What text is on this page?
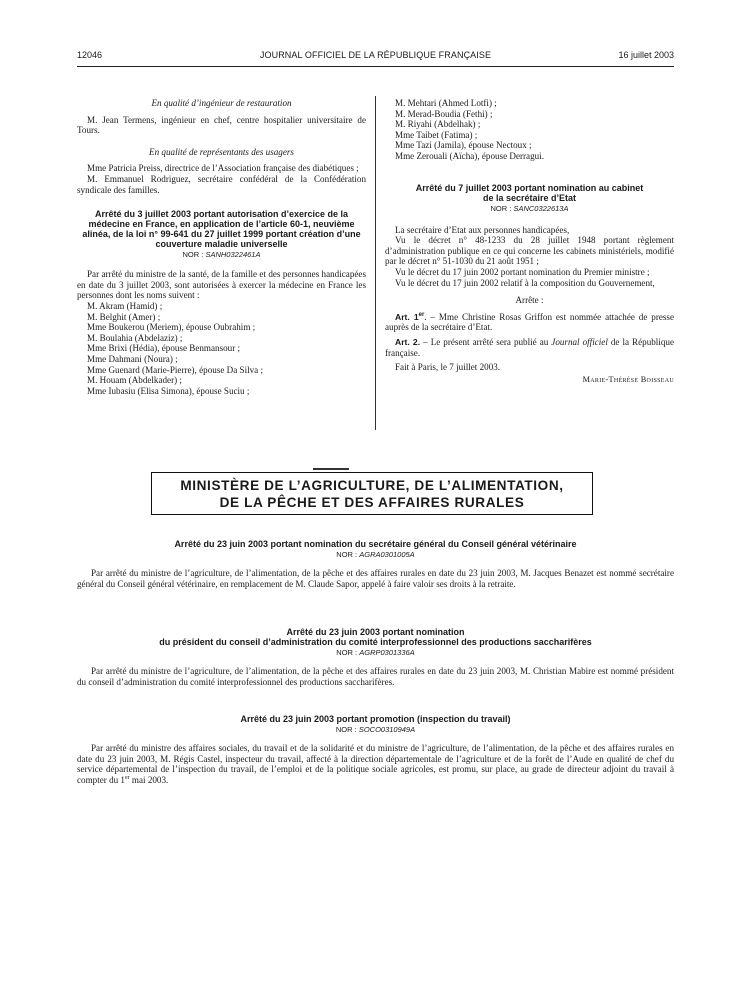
12046	JOURNAL OFFICIEL DE LA RÉPUBLIQUE FRANÇAISE	16 juillet 2003

En qualité d’ingénieur de restauration

M. Jean Termens, ingénieur en chef, centre hospitalier universitaire de Tours.

En qualité de représentants des usagers

Mme Patricia Preiss, directrice de l’Association française des diabétiques ;

M. Emmanuel Rodriguez, secrétaire confédéral de la Confédération syndicale des familles.

Arrêté du 3 juillet 2003 portant autorisation d’exercice de la médecine en France, en application de l’article 60-1, neuvième alinéa, de la loi n° 99-641 du 27 juillet 1999 portant création d’une couverture maladie universelle

NOR : SANH0322461A

Par arrêté du ministre de la santé, de la famille et des personnes handicapées en date du 3 juillet 2003, sont autorisées à exercer la médecine en France les personnes dont les noms suivent :

M. Akram (Hamid) ;
M. Belghit (Amer) ;
Mme Boukerou (Meriem), épouse Oubrahim ;
M. Boulahia (Abdelaziz) ;
Mme Brixi (Hédia), épouse Benmansour ;
Mme Dahmani (Noura) ;
Mme Guenard (Marie-Pierre), épouse Da Silva ;
M. Houam (Abdelkader) ;
Mme Iubasiu (Elisa Simona), épouse Suciu ;
M. Mehtari (Ahmed Lotfi) ;
M. Merad-Boudia (Fethi) ;
M. Riyahi (Abdelhak) ;
Mme Taibet (Fatima) ;
Mme Tazi (Jamila), épouse Nectoux ;
Mme Zerouali (Aïcha), épouse Derragui.

Arrêté du 7 juillet 2003 portant nomination au cabinet de la secrétaire d’Etat

NOR : SANC0322613A

La secrétaire d’Etat aux personnes handicapées,

Vu le décret n° 48-1233 du 28 juillet 1948 portant règlement d’administration publique en ce qui concerne les cabinets ministériels, modifié par le décret n° 51-1030 du 21 août 1951 ;

Vu le décret du 17 juin 2002 portant nomination du Premier ministre ;

Vu le décret du 17 juin 2002 relatif à la composition du Gouvernement,

Arrête :

Art. 1er. – Mme Christine Rosas Griffon est nommée attachée de presse auprès de la secrétaire d’Etat.

Art. 2. – Le présent arrêté sera publié au Journal officiel de la République française.

Fait à Paris, le 7 juillet 2003.

Marie-Thérèse Boisseau

MINISTÈRE DE L’AGRICULTURE, DE L’ALIMENTATION,
DE LA PÊCHE ET DES AFFAIRES RURALES

Arrêté du 23 juin 2003 portant nomination du secrétaire général du Conseil général vétérinaire

NOR : AGRA0301005A

Par arrêté du ministre de l’agriculture, de l’alimentation, de la pêche et des affaires rurales en date du 23 juin 2003, M. Jacques Benazet est nommé secrétaire général du Conseil général vétérinaire, en remplacement de M. Claude Sapor, appelé à faire valoir ses droits à la retraite.

Arrêté du 23 juin 2003 portant nomination

du président du conseil d’administration du comité interprofessionnel des productions saccharifères

NOR : AGRP0301336A

Par arrêté du ministre de l’agriculture, de l’alimentation, de la pêche et des affaires rurales en date du 23 juin 2003, M. Christian Mabire est nommé président du conseil d’administration du comité interprofessionnel des productions saccharifères.

Arrêté du 23 juin 2003 portant promotion (inspection du travail)

NOR : SOCO0310949A

Par arrêté du ministre des affaires sociales, du travail et de la solidarité et du ministre de l’agriculture, de l’alimentation, de la pêche et des affaires rurales en date du 23 juin 2003, M. Régis Castel, inspecteur du travail, affecté à la direction départementale de l’agriculture et de la forêt de l’Aude en qualité de chef du service départemental de l’inspection du travail, de l’emploi et de la politique sociale agricoles, est promu, sur place, au grade de directeur adjoint du travail à compter du 1er mai 2003.
